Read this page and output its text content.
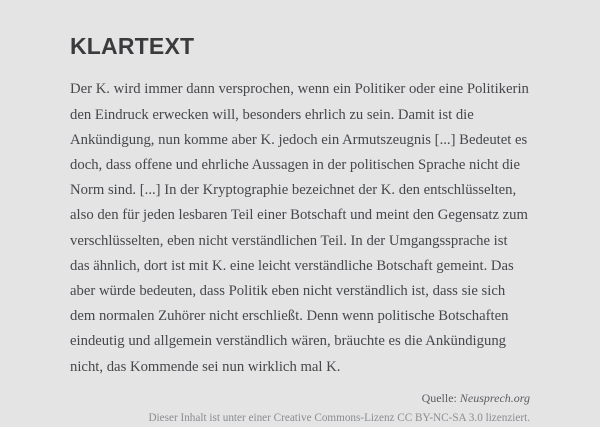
KLARTEXT

Der K. wird immer dann versprochen, wenn ein Politiker oder eine Politikerin den Eindruck erwecken will, besonders ehrlich zu sein. Damit ist die Ankündigung, nun komme aber K. jedoch ein Armutszeugnis [...] Bedeutet es doch, dass offene und ehrliche Aussagen in der politischen Sprache nicht die Norm sind. [...] In der Kryptographie bezeichnet der K. den entschlüsselten, also den für jeden lesbaren Teil einer Botschaft und meint den Gegensatz zum verschlüsselten, eben nicht verständlichen Teil. In der Umgangssprache ist das ähnlich, dort ist mit K. eine leicht verständliche Botschaft gemeint. Das aber würde bedeuten, dass Politik eben nicht verständlich ist, dass sie sich dem normalen Zuhörer nicht erschließt. Denn wenn politische Botschaften eindeutig und allgemein verständlich wären, bräuchte es die Ankündigung nicht, das Kommende sei nun wirklich mal K.

Quelle: Neusprech.org
Dieser Inhalt ist unter einer Creative Commons-Lizenz CC BY-NC-SA 3.0 lizenziert.
